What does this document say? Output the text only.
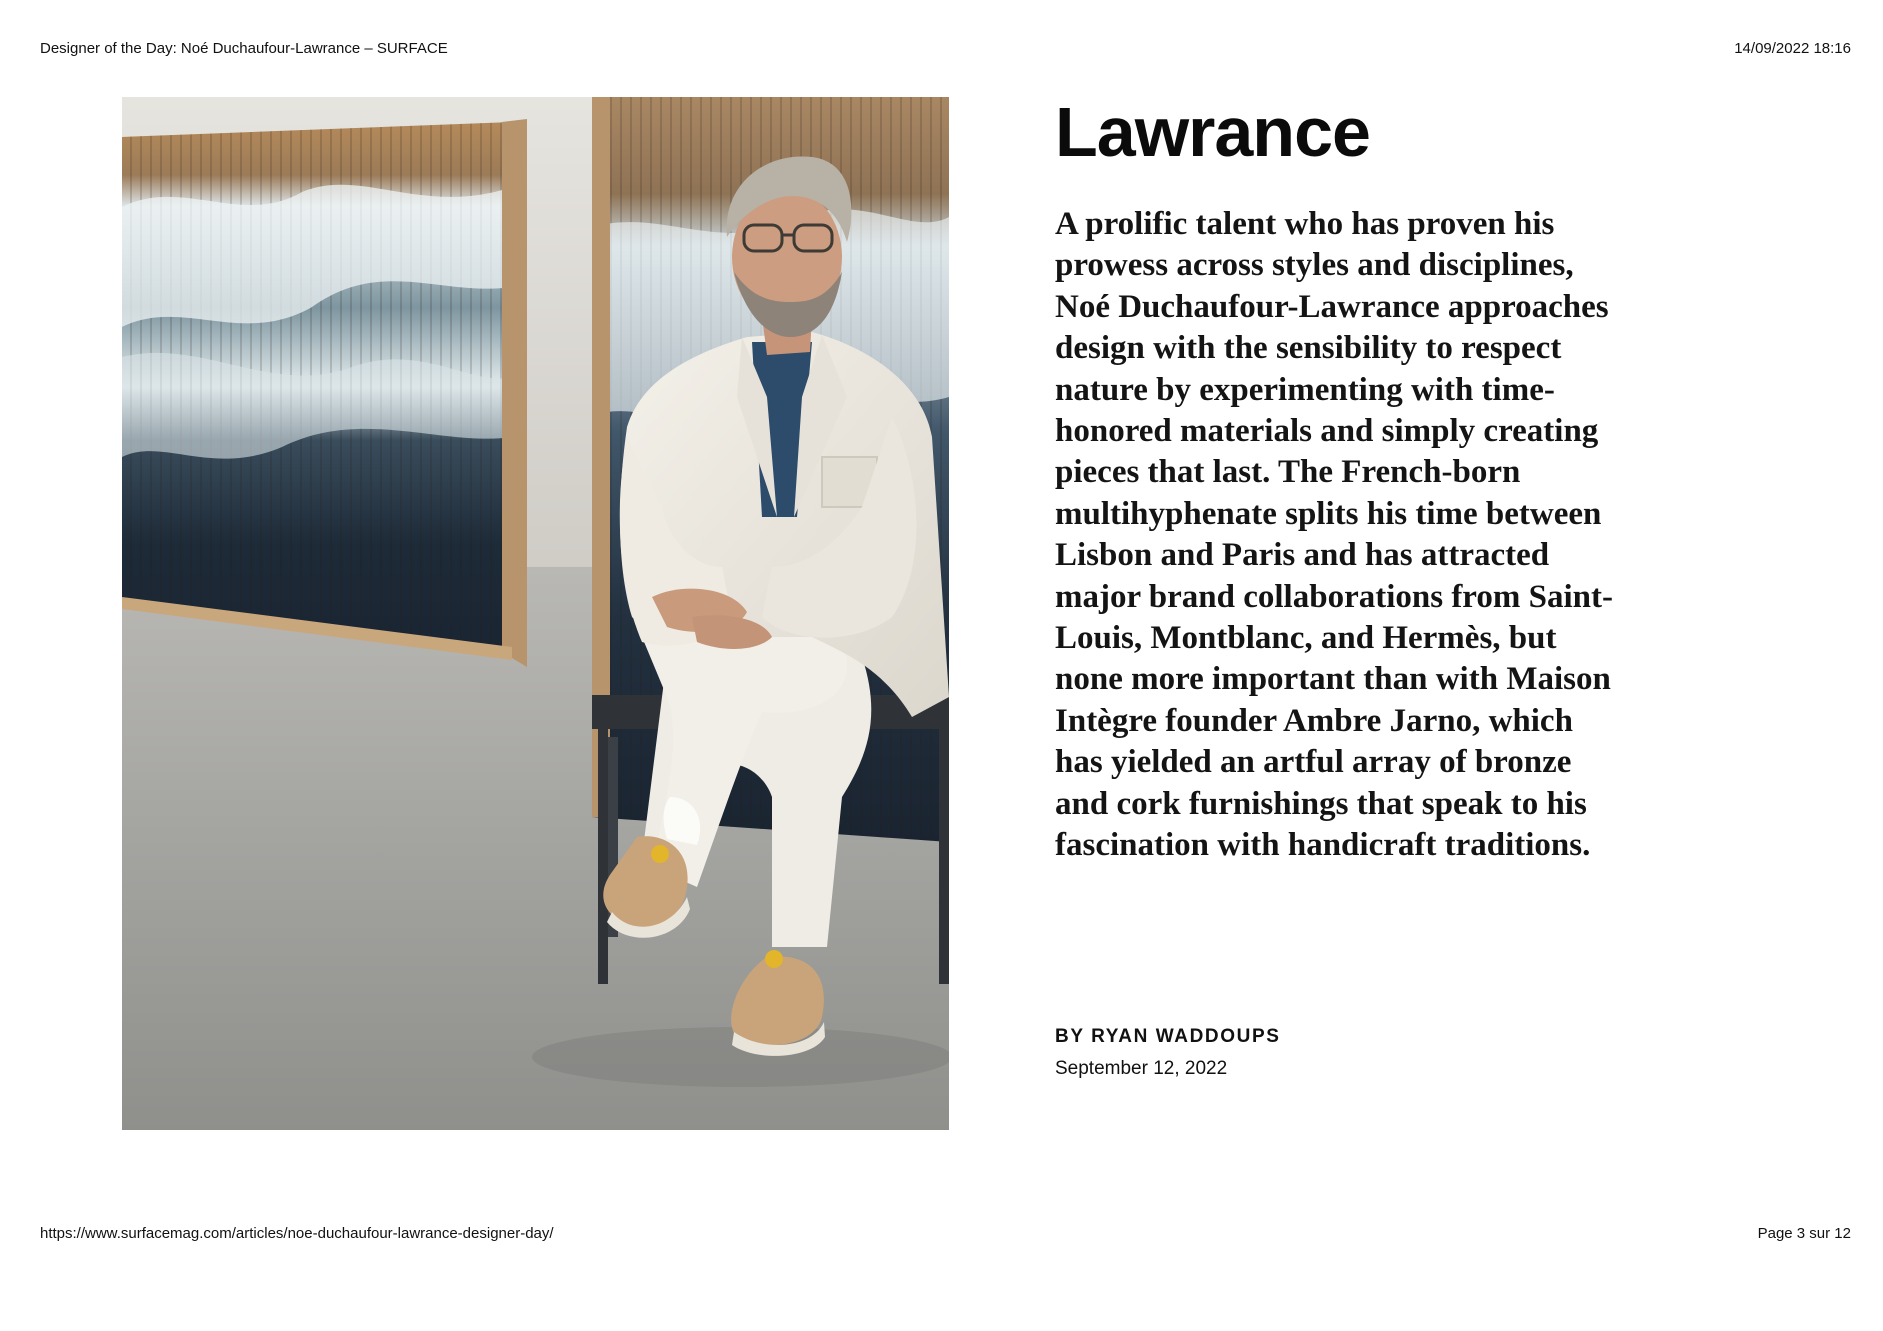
Designer of the Day: Noé Duchaufour-Lawrance – SURFACE	14/09/2022 18:16
Lawrance

A prolific talent who has proven his prowess across styles and disciplines, Noé Duchaufour-Lawrance approaches design with the sensibility to respect nature by experimenting with time-honored materials and simply creating pieces that last. The French-born multihyphenate splits his time between Lisbon and Paris and has attracted major brand collaborations from Saint-Louis, Montblanc, and Hermès, but none more important than with Maison Intègre founder Ambre Jarno, which has yielded an artful array of bronze and cork furnishings that speak to his fascination with handicraft traditions.

BY RYAN WADDOUPS
September 12, 2022
https://www.surfacemag.com/articles/noe-duchaufour-lawrance-designer-day/	Page 3 sur 12
